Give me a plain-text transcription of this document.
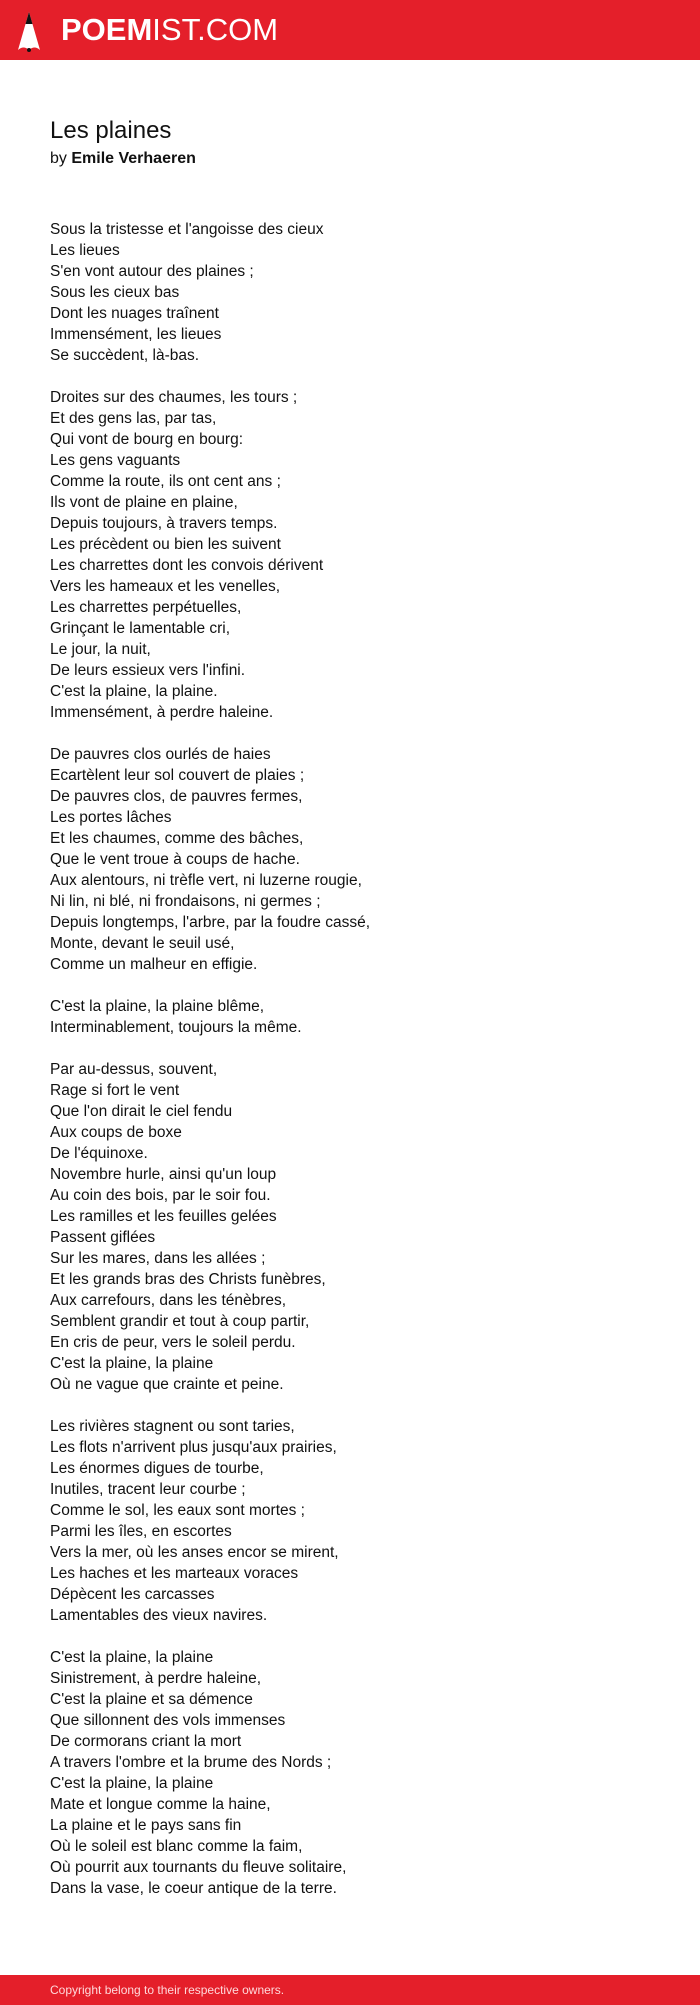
POEMIST.COM
Les plaines
by Emile Verhaeren
Sous la tristesse et l'angoisse des cieux
Les lieues
S'en vont autour des plaines ;
Sous les cieux bas
Dont les nuages traînent
Immensément, les lieues
Se succèdent, là-bas.
Droites sur des chaumes, les tours ;
Et des gens las, par tas,
Qui vont de bourg en bourg:
Les gens vaguants
Comme la route, ils ont cent ans ;
Ils vont de plaine en plaine,
Depuis toujours, à travers temps.
Les précèdent ou bien les suivent
Les charrettes dont les convois dérivent
Vers les hameaux et les venelles,
Les charrettes perpétuelles,
Grinçant le lamentable cri,
Le jour, la nuit,
De leurs essieux vers l'infini.
C'est la plaine, la plaine.
Immensément, à perdre haleine.
De pauvres clos ourlés de haies
Ecartèlent leur sol couvert de plaies ;
De pauvres clos, de pauvres fermes,
Les portes lâches
Et les chaumes, comme des bâches,
Que le vent troue à coups de hache.
Aux alentours, ni trèfle vert, ni luzerne rougie,
Ni lin, ni blé, ni frondaisons, ni germes ;
Depuis longtemps, l'arbre, par la foudre cassé,
Monte, devant le seuil usé,
Comme un malheur en effigie.
C'est la plaine, la plaine blême,
Interminablement, toujours la même.
Par au-dessus, souvent,
Rage si fort le vent
Que l'on dirait le ciel fendu
Aux coups de boxe
De l'équinoxe.
Novembre hurle, ainsi qu'un loup
Au coin des bois, par le soir fou.
Les ramilles et les feuilles gelées
Passent giflées
Sur les mares, dans les allées ;
Et les grands bras des Christs funèbres,
Aux carrefours, dans les ténèbres,
Semblent grandir et tout à coup partir,
En cris de peur, vers le soleil perdu.
C'est la plaine, la plaine
Où ne vague que crainte et peine.
Les rivières stagnent ou sont taries,
Les flots n'arrivent plus jusqu'aux prairies,
Les énormes digues de tourbe,
Inutiles, tracent leur courbe ;
Comme le sol, les eaux sont mortes ;
Parmi les îles, en escortes
Vers la mer, où les anses encor se mirent,
Les haches et les marteaux voraces
Dépècent les carcasses
Lamentables des vieux navires.
C'est la plaine, la plaine
Sinistrement, à perdre haleine,
C'est la plaine et sa démence
Que sillonnent des vols immenses
De cormorans criant la mort
A travers l'ombre et la brume des Nords ;
C'est la plaine, la plaine
Mate et longue comme la haine,
La plaine et le pays sans fin
Où le soleil est blanc comme la faim,
Où pourrit aux tournants du fleuve solitaire,
Dans la vase, le coeur antique de la terre.
Copyright belong to their respective owners.
